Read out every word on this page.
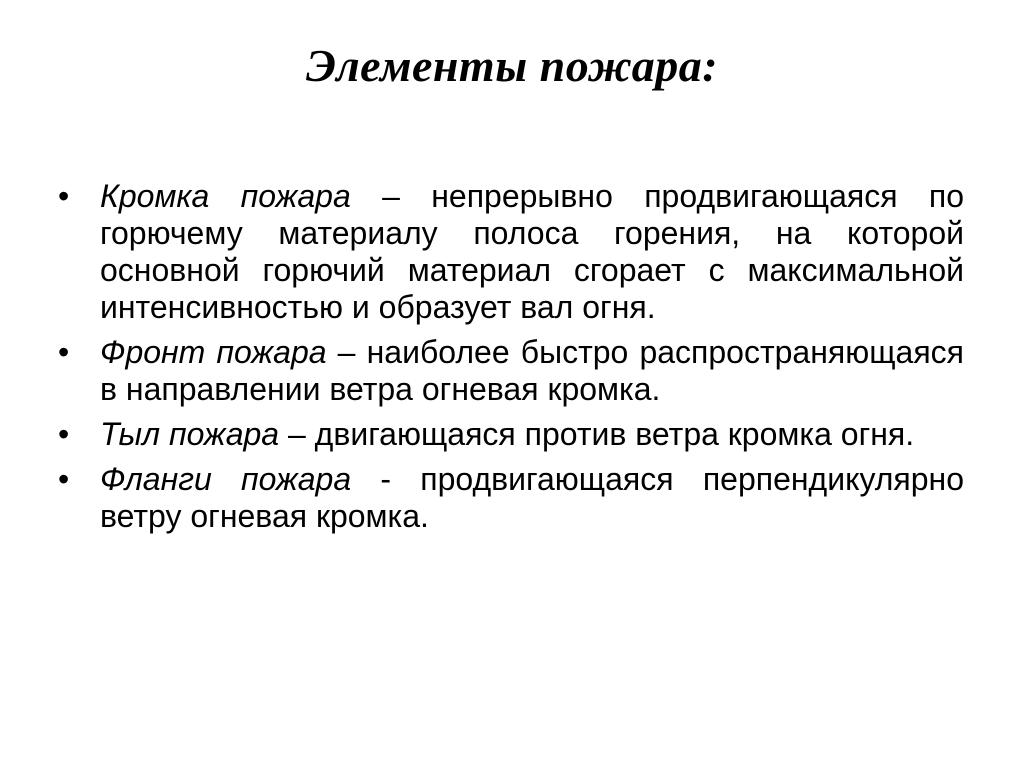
Элементы пожара:
• Кромка пожара – непрерывно продвигающаяся по горючему материалу полоса горения, на которой основной горючий материал сгорает с максимальной интенсивностью и образует вал огня.
• Фронт пожара – наиболее быстро распространяющаяся в направлении ветра огневая кромка.
• Тыл пожара – двигающаяся против ветра кромка огня.
• Фланги пожара - продвигающаяся перпендикулярно ветру огневая кромка.
